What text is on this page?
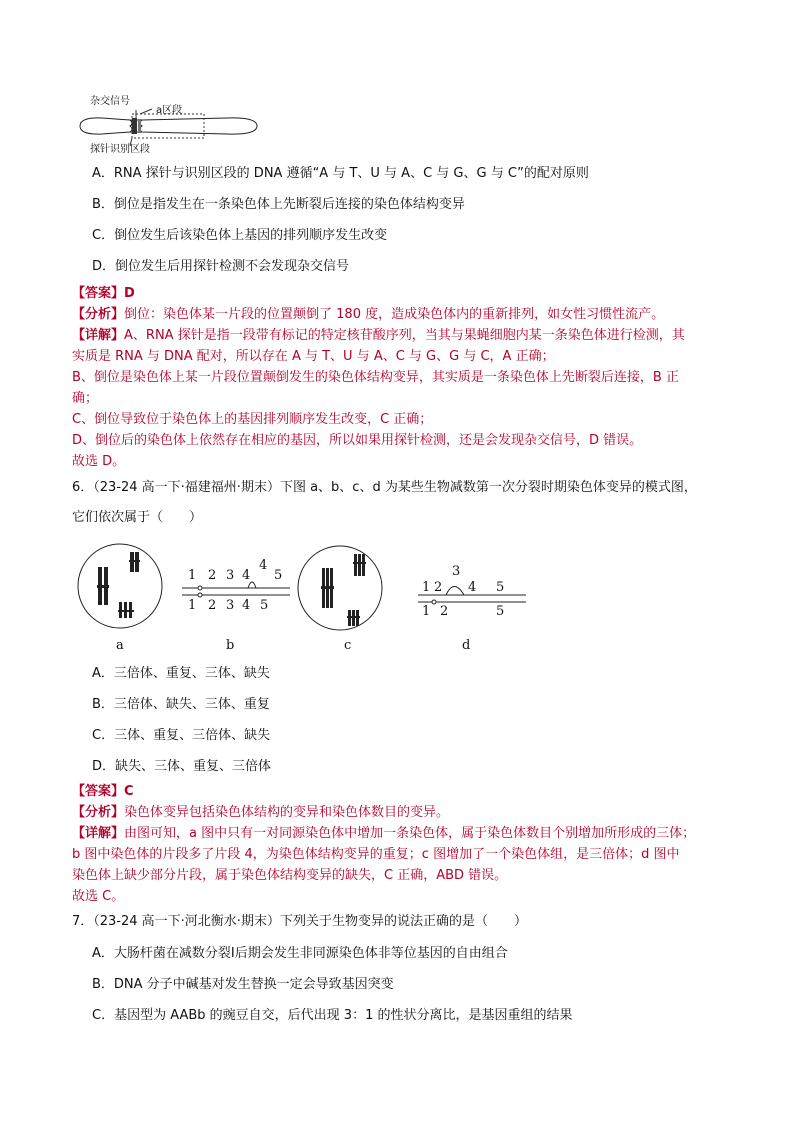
杂交信号
a区段
探针识别区段
A．RNA 探针与识别区段的 DNA 遵循“A 与 T、U 与 A、C 与 G、G 与 C”的配对原则
B．倒位是指发生在一条染色体上先断裂后连接的染色体结构变异
C．倒位发生后该染色体上基因的排列顺序发生改变
D．倒位发生后用探针检测不会发现杂交信号
【答案】D
【分析】倒位：染色体某一片段的位置颠倒了 180 度，造成染色体内的重新排列，如女性习惯性流产。
【详解】A、RNA 探针是指一段带有标记的特定核苷酸序列，当其与果蝇细胞内某一条染色体进行检测，其
实质是 RNA 与 DNA 配对，所以存在 A 与 T、U 与 A、C 与 G、G 与 C，A 正确；
B、倒位是染色体上某一片段位置颠倒发生的染色体结构变异，其实质是一条染色体上先断裂后连接，B 正
确；
C、倒位导致位于染色体上的基因排列顺序发生改变，C 正确；
D、倒位后的染色体上依然存在相应的基因，所以如果用探针检测，还是会发现杂交信号，D 错误。
故选 D。
6．（23-24 高一下·福建福州·期末）下图 a、b、c、d 为某些生物减数第一次分裂时期染色体变异的模式图，
它们依次属于（　　）
1 2 3 4
4
5
1 2 3 4 5
1 2
3
4 5
1 2	5
a	b	c	d
A．三倍体、重复、三体、缺失
B．三倍体、缺失、三体、重复
C．三体、重复、三倍体、缺失
D．缺失、三体、重复、三倍体
【答案】C
【分析】染色体变异包括染色体结构的变异和染色体数目的变异。
【详解】由图可知，a 图中只有一对同源染色体中增加一条染色体，属于染色体数目个别增加所形成的三体；
b 图中染色体的片段多了片段 4，为染色体结构变异的重复；c 图增加了一个染色体组，是三倍体；d 图中
染色体上缺少部分片段，属于染色体结构变异的缺失，C 正确，ABD 错误。
故选 C。
7．（23-24 高一下·河北衡水·期末）下列关于生物变异的说法正确的是（　　）
A．大肠杆菌在减数分裂Ⅰ后期会发生非同源染色体非等位基因的自由组合
B．DNA 分子中碱基对发生替换一定会导致基因突变
C．基因型为 AABb 的豌豆自交，后代出现 3：1 的性状分离比，是基因重组的结果
